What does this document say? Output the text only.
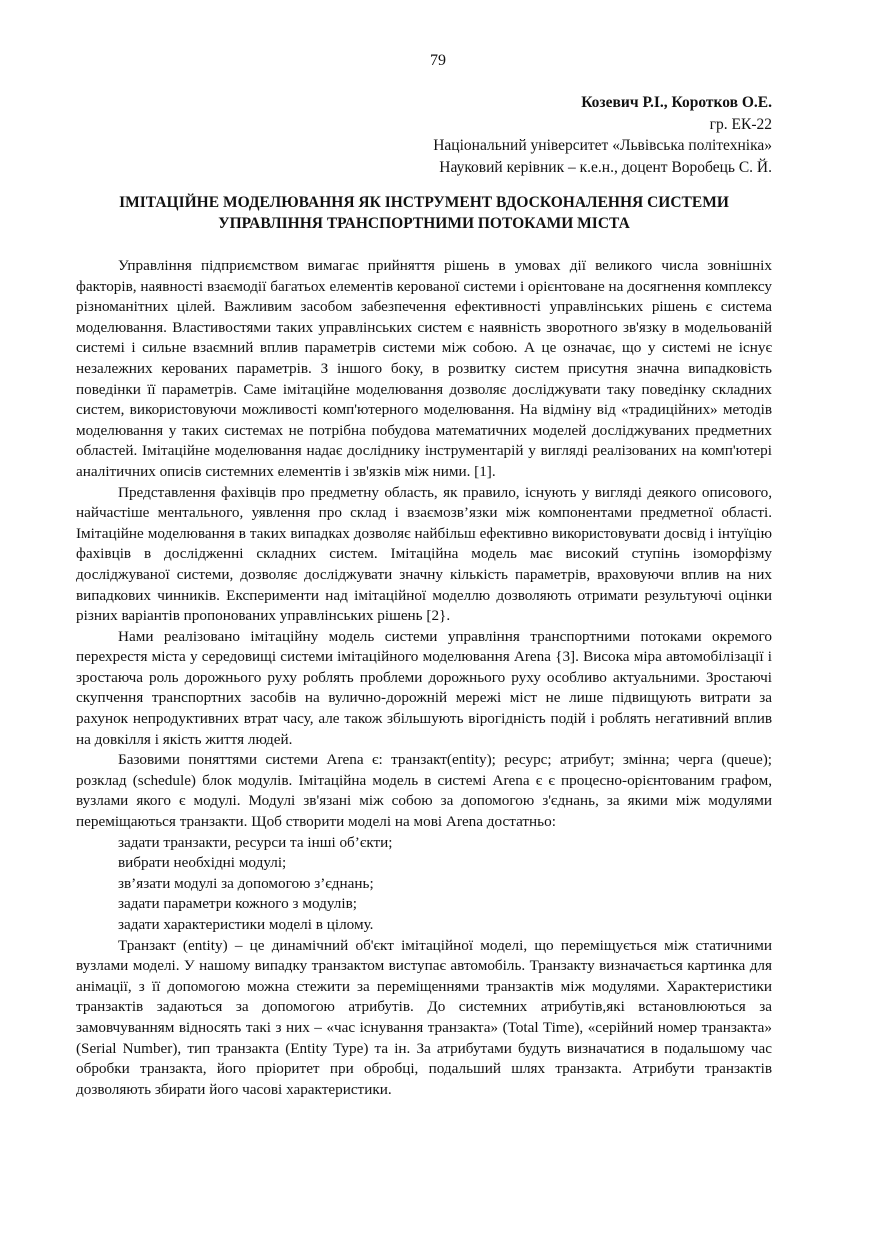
79
Козевич Р.І., Коротков О.Е.
гр. ЕК-22
Національний університет «Львівська політехніка»
Науковий керівник – к.е.н., доцент Воробець С. Й.
ІМІТАЦІЙНЕ МОДЕЛЮВАННЯ ЯК ІНСТРУМЕНТ ВДОСКОНАЛЕННЯ СИСТЕМИ
УПРАВЛІННЯ ТРАНСПОРТНИМИ ПОТОКАМИ МІСТА

Управління підприємством вимагає прийняття рішень в умовах дії великого числа зовнішніх факторів, наявності взаємодії багатьох елементів керованої системи і орієнтоване на досягнення комплексу різноманітних цілей. Важливим засобом забезпечення ефективності управлінських рішень є система моделювання. Властивостями таких управлінських систем є наявність зворотного зв'язку в модельованій системі і сильне взаємний вплив параметрів системи між собою. А це означає, що у системі не існує незалежних керованих параметрів. З іншого боку, в розвитку систем присутня значна випадковість поведінки її параметрів. Саме імітаційне моделювання дозволяє досліджувати таку поведінку складних систем, використовуючи можливості комп'ютерного моделювання. На відміну від «традиційних» методів моделювання у таких системах не потрібна побудова математичних моделей досліджуваних предметних областей. Імітаційне моделювання надає досліднику інструментарій у вигляді реалізованих на комп'ютері аналітичних описів системних елементів і зв'язків між ними. [1].

Представлення фахівців про предметну область, як правило, існують у вигляді деякого описового, найчастіше ментального, уявлення про склад і взаємозв’язки між компонентами предметної області. Імітаційне моделювання в таких випадках дозволяє найбільш ефективно використовувати досвід і інтуїцію фахівців в дослідженні складних систем. Імітаційна модель має високий ступінь ізоморфізму досліджуваної системи, дозволяє досліджувати значну кількість параметрів, враховуючи вплив на них випадкових чинників. Експерименти над імітаційної моделлю дозволяють отримати результуючі оцінки різних варіантів пропонованих управлінських рішень [2}.

Нами реалізовано імітаційну модель системи управління транспортними потоками окремого перехрестя міста у середовищі системи імітаційного моделювання Arena {3]. Висока міра автомобілізації і зростаюча роль дорожнього руху роблять проблеми дорожнього руху особливо актуальними. Зростаючі скупчення транспортних засобів на вулично-дорожній мережі міст не лише підвищують витрати за рахунок непродуктивних втрат часу, але також збільшують вірогідність подій і роблять негативний вплив на довкілля і якість життя людей.

Базовими поняттями системи Arena є: транзакт(entity); ресурс; атрибут; змінна; черга (queue); розклад (schedule) блок модулів. Імітаційна модель в системі Arena є є процесно-орієнтованим графом, вузлами якого є модулі. Модулі зв'язані між собою за допомогою з'єднань, за якими між модулями переміщаються транзакти. Щоб створити моделі на мові Arena достатньо:

задати транзакти, ресурси та інші об’єкти;
вибрати необхідні модулі;
зв’язати модулі за допомогою з’єднань;
задати параметри кожного з модулів;
задати характеристики моделі в цілому.

Транзакт (entity) – це динамічний об'єкт імітаційної моделі, що переміщується між статичними вузлами моделі. У нашому випадку транзактом виступає автомобіль. Транзакту визначається картинка для анімації, з її допомогою можна стежити за переміщеннями транзактів між модулями. Характеристики транзактів задаються за допомогою атрибутів. До системних атрибутів,які встановлюються за замовчуванням відносять такі з них – «час існування транзакта» (Total Time), «серійний номер транзакта» (Serial Number), тип транзакта (Entity Type) та ін. За атрибутами будуть визначатися в подальшому час обробки транзакта, його пріоритет при обробці, подальший шлях транзакта. Атрибути транзактів дозволяють збирати його часові характеристики.
